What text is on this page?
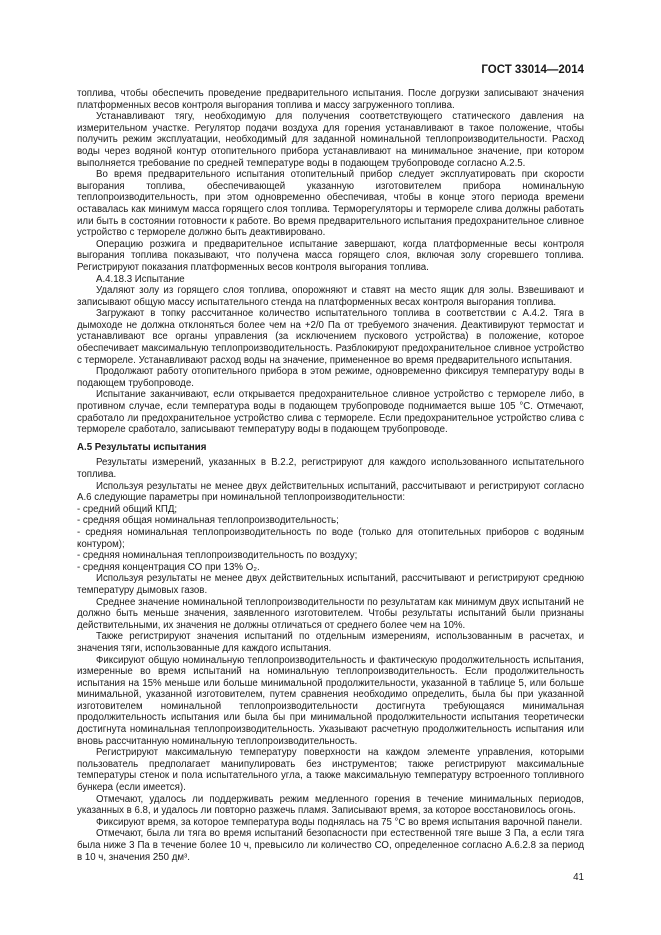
ГОСТ 33014—2014

топлива, чтобы обеспечить проведение предварительного испытания. После догрузки записывают значения платформенных весов контроля выгорания топлива и массу загруженного топлива.

Устанавливают тягу, необходимую для получения соответствующего статического давления на измерительном участке. Регулятор подачи воздуха для горения устанавливают в такое положение, чтобы получить режим эксплуатации, необходимый для заданной номинальной теплопроизводительности. Расход воды через водяной контур отопительного прибора устанавливают на минимальное значение, при котором выполняется требование по средней температуре воды в подающем трубопроводе согласно А.2.5.

Во время предварительного испытания отопительный прибор следует эксплуатировать при скорости выгорания топлива, обеспечивающей указанную изготовителем прибора номинальную теплопроизводительность, при этом одновременно обеспечивая, чтобы в конце этого периода времени оставалась как минимум масса горящего слоя топлива. Терморегуляторы и термореле слива должны работать или быть в состоянии готовности к работе. Во время предварительного испытания предохранительное сливное устройство с термореле должно быть деактивировано.

Операцию розжига и предварительное испытание завершают, когда платформенные весы контроля выгорания топлива показывают, что получена масса горящего слоя, включая золу сгоревшего топлива. Регистрируют показания платформенных весов контроля выгорания топлива.

А.4.18.3 Испытание

Удаляют золу из горящего слоя топлива, опорожняют и ставят на место ящик для золы. Взвешивают и записывают общую массу испытательного стенда на платформенных весах контроля выгорания топлива.

Загружают в топку рассчитанное количество испытательного топлива в соответствии с А.4.2. Тяга в дымоходе не должна отклоняться более чем на +2/0 Па от требуемого значения. Деактивируют термостат и устанавливают все органы управления (за исключением пускового устройства) в положение, которое обеспечивает максимальную теплопроизводительность. Разблокируют предохранительное сливное устройство с термореле. Устанавливают расход воды на значение, примененное во время предварительного испытания.

Продолжают работу отопительного прибора в этом режиме, одновременно фиксируя температуру воды в подающем трубопроводе.

Испытание заканчивают, если открывается предохранительное сливное устройство с термореле либо, в противном случае, если температура воды в подающем трубопроводе поднимается выше 105 °C. Отмечают, сработало ли предохранительное устройство слива с термореле. Если предохранительное устройство слива с термореле сработало, записывают температуру воды в подающем трубопроводе.

А.5 Результаты испытания

Результаты измерений, указанных в В.2.2, регистрируют для каждого использованного испытательного топлива.

Используя результаты не менее двух действительных испытаний, рассчитывают и регистрируют согласно А.6 следующие параметры при номинальной теплопроизводительности:

- средний общий КПД;

- средняя общая номинальная теплопроизводительность;

- средняя номинальная теплопроизводительность по воде (только для отопительных приборов с водяным контуром);

- средняя номинальная теплопроизводительность по воздуху;

- средняя концентрация СО при 13% O₂.

Используя результаты не менее двух действительных испытаний, рассчитывают и регистрируют среднюю температуру дымовых газов.

Среднее значение номинальной теплопроизводительности по результатам как минимум двух испытаний не должно быть меньше значения, заявленного изготовителем. Чтобы результаты испытаний были признаны действительными, их значения не должны отличаться от среднего более чем на 10%.

Также регистрируют значения испытаний по отдельным измерениям, использованным в расчетах, и значения тяги, использованные для каждого испытания.

Фиксируют общую номинальную теплопроизводительность и фактическую продолжительность испытания, измеренные во время испытаний на номинальную теплопроизводительность. Если продолжительность испытания на 15% меньше или больше минимальной продолжительности, указанной в таблице 5, или больше минимальной, указанной изготовителем, путем сравнения необходимо определить, была бы при указанной изготовителем номинальной теплопроизводительности достигнута требующаяся минимальная продолжительность испытания или была бы при минимальной продолжительности испытания теоретически достигнута номинальная теплопроизводительность. Указывают расчетную продолжительность испытания или вновь рассчитанную номинальную теплопроизводительность.

Регистрируют максимальную температуру поверхности на каждом элементе управления, которыми пользователь предполагает манипулировать без инструментов; также регистрируют максимальные температуры стенок и пола испытательного угла, а также максимальную температуру встроенного топливного бункера (если имеется).

Отмечают, удалось ли поддерживать режим медленного горения в течение минимальных периодов, указанных в 6.8, и удалось ли повторно разжечь пламя. Записывают время, за которое восстановилось огонь.

Фиксируют время, за которое температура воды поднялась на 75 °C во время испытания варочной панели.

Отмечают, была ли тяга во время испытаний безопасности при естественной тяге выше 3 Па, а если тяга была ниже 3 Па в течение более 10 ч, превысило ли количество СО, определенное согласно А.6.2.8 за период в 10 ч, значения 250 дм³.

41
